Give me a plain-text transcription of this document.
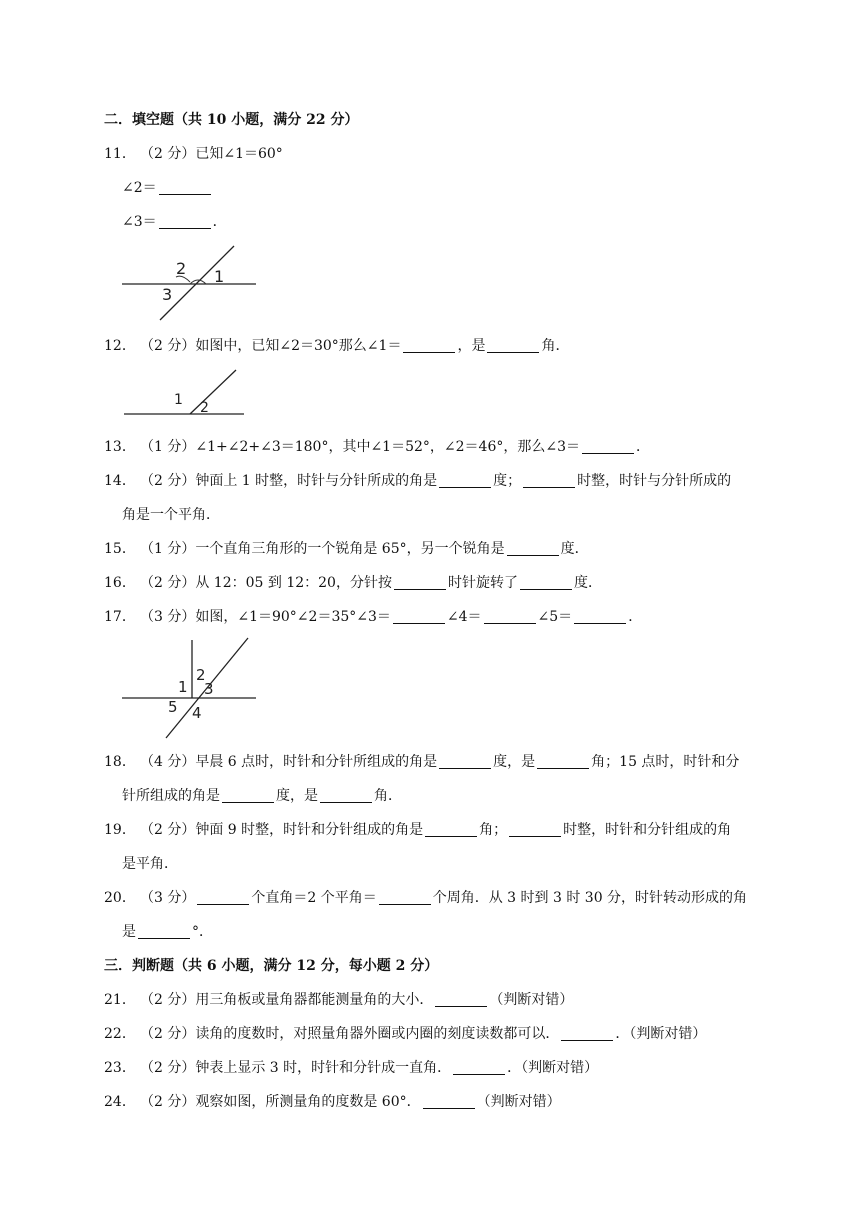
二．填空题（共 10 小题，满分 22 分）
11． （2 分）已知∠1＝60°
∠2＝
∠3＝	．
1
2
3
12． （2 分）如图中，已知∠2＝30°那么∠1＝	，是	角．
1 2
13． （1 分）∠1+∠2+∠3＝180°，其中∠1＝52°，∠2＝46°，那么∠3＝	．
14． （2 分）钟面上 1 时整，时针与分针所成的角是	度；	时整，时针与分针所成的
角是一个平角．
15． （1 分）一个直角三角形的一个锐角是 65°，另一个锐角是	度．
16． （2 分）从 12：05 到 12：20，分针按	时针旋转了	度．
17． （3 分）如图，∠1＝90°∠2＝35°∠3＝	∠4＝	∠5＝	．
1
2
3
4
5
18． （4 分）早晨 6 点时，时针和分针所组成的角是	度，是	角；15 点时，时针和分
针所组成的角是	度，是	角．
19． （2 分）钟面 9 时整，时针和分针组成的角是	角；	时整，时针和分针组成的角
是平角．
20． （3 分）	个直角＝2 个平角＝	个周角．从 3 时到 3 时 30 分，时针转动形成的角
是	°．
三．判断题（共 6 小题，满分 12 分，每小题 2 分）
21． （2 分）用三角板或量角器都能测量角的大小．	（判断对错）
22． （2 分）读角的度数时，对照量角器外圈或内圈的刻度读数都可以．	．（判断对错）
23． （2 分）钟表上显示 3 时，时针和分针成一直角．	．（判断对错）
24． （2 分）观察如图，所测量角的度数是 60°．	（判断对错）
